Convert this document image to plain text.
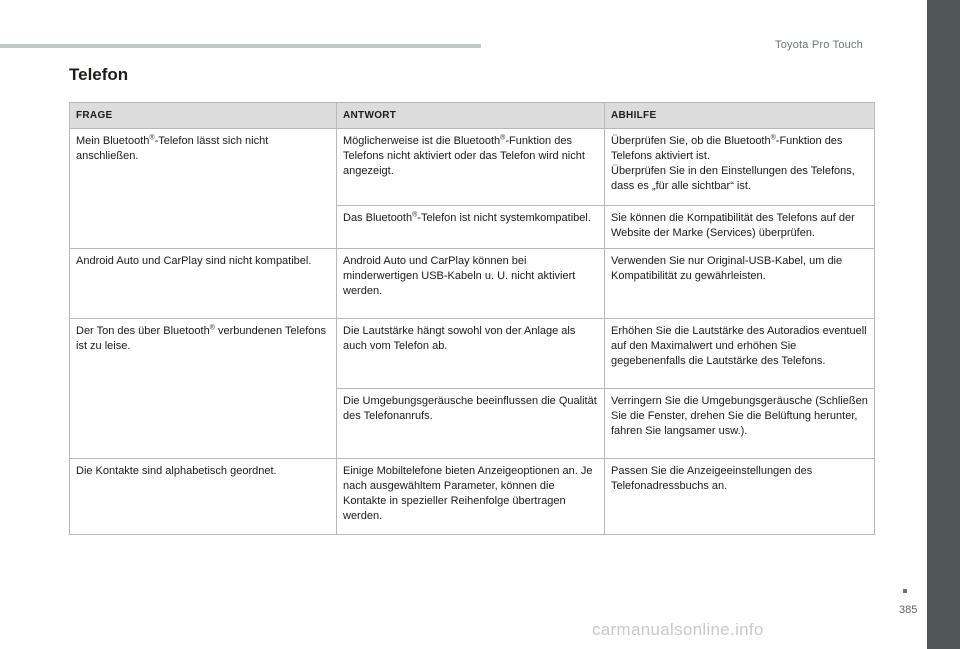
Toyota Pro Touch
Telefon
FRAGE	ANTWORT	ABHILFE
Mein Bluetooth®-Telefon lässt sich nicht anschließen.	Möglicherweise ist die Bluetooth®-Funktion des Telefons nicht aktiviert oder das Telefon wird nicht angezeigt.	Überprüfen Sie, ob die Bluetooth®-Funktion des Telefons aktiviert ist.
Überprüfen Sie in den Einstellungen des Telefons, dass es „für alle sichtbar“ ist.
	Das Bluetooth®-Telefon ist nicht systemkompatibel.	Sie können die Kompatibilität des Telefons auf der Website der Marke (Services) überprüfen.
Android Auto und CarPlay sind nicht kompatibel.	Android Auto und CarPlay können bei minderwertigen USB-Kabeln u. U. nicht aktiviert werden.	Verwenden Sie nur Original-USB-Kabel, um die Kompatibilität zu gewährleisten.
Der Ton des über Bluetooth® verbundenen Telefons ist zu leise.	Die Lautstärke hängt sowohl von der Anlage als auch vom Telefon ab.	Erhöhen Sie die Lautstärke des Autoradios eventuell auf den Maximalwert und erhöhen Sie gegebenenfalls die Lautstärke des Telefons.
	Die Umgebungsgeräusche beeinflussen die Qualität des Telefonanrufs.	Verringern Sie die Umgebungsgeräusche (Schließen Sie die Fenster, drehen Sie die Belüftung herunter, fahren Sie langsamer usw.).
Die Kontakte sind alphabetisch geordnet.	Einige Mobiltelefone bieten Anzeigeoptionen an. Je nach ausgewähltem Parameter, können die Kontakte in spezieller Reihenfolge übertragen werden.	Passen Sie die Anzeigeeinstellungen des Telefonadressbuchs an.
385
carmanualsonline.info
